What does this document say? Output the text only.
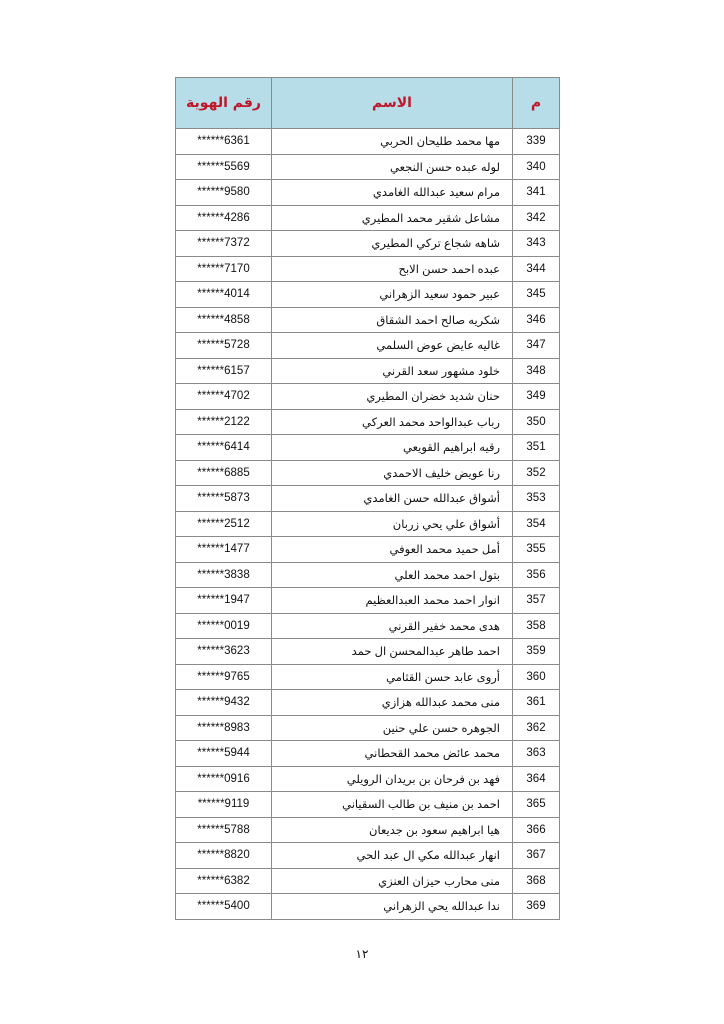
رقم الهوية	الاسم	م
******6361	مها محمد طليحان الحربي	339
******5569	لوله عبده حسن النجعي	340
******9580	مرام سعيد عبدالله الغامدي	341
******4286	مشاعل شقير محمد المطيري	342
******7372	شاهه شجاع تركي المطيري	343
******7170	عبده احمد حسن الابح	344
******4014	عبير حمود سعيد الزهراني	345
******4858	شكريه صالح احمد الشقاق	346
******5728	غاليه عايض عوض السلمي	347
******6157	خلود مشهور سعد القرني	348
******4702	حنان شديد خضران المطيري	349
******2122	رباب عبدالواحد محمد العركي	350
******6414	رقيه ابراهيم القويعي	351
******6885	رنا عويض خليف الاحمدي	352
******5873	أشواق عبدالله حسن الغامدي	353
******2512	أشواق علي يحي زربان	354
******1477	أمل حميد محمد العوفي	355
******3838	بتول احمد محمد العلي	356
******1947	انوار احمد محمد العبدالعظيم	357
******0019	هدى محمد خفير القرني	358
******3623	احمد طاهر عبدالمحسن ال حمد	359
******9765	أروى عابد حسن القثامي	360
******9432	منى محمد عبدالله هزازي	361
******8983	الجوهره حسن علي حنين	362
******5944	محمد عائض محمد القحطاني	363
******0916	فهد بن فرحان بن بريدان الرويلي	364
******9119	احمد بن منيف بن طالب السقياني	365
******5788	هيا ابراهيم سعود بن جديعان	366
******8820	انهار عبدالله مكي ال عبد الحي	367
******6382	منى محارب حيزان العنزي	368
******5400	ندا عبدالله يحي الزهراني	369
١٢
